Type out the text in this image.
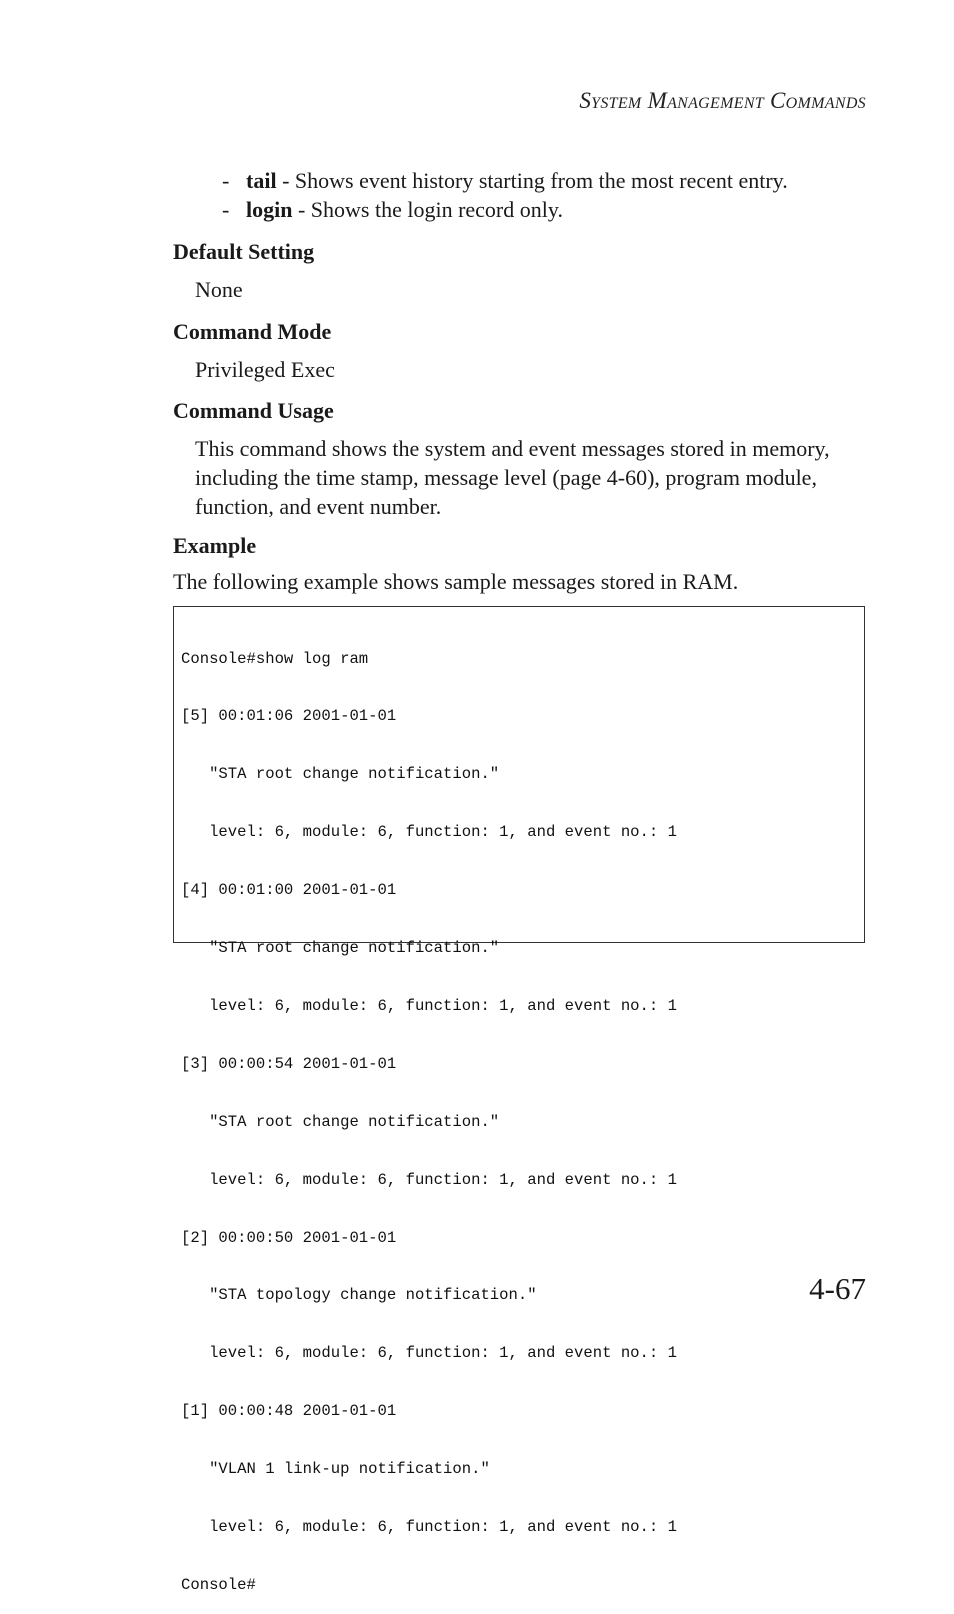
System Management Commands
- tail - Shows event history starting from the most recent entry.
- login - Shows the login record only.
Default Setting
None
Command Mode
Privileged Exec
Command Usage
This command shows the system and event messages stored in memory, including the time stamp, message level (page 4-60), program module, function, and event number.
Example
The following example shows sample messages stored in RAM.

Console#show log ram

[5] 00:01:06 2001-01-01

"STA root change notification."

level: 6, module: 6, function: 1, and event no.: 1

[4] 00:01:00 2001-01-01

"STA root change notification."

level: 6, module: 6, function: 1, and event no.: 1

[3] 00:00:54 2001-01-01

"STA root change notification."

level: 6, module: 6, function: 1, and event no.: 1

[2] 00:00:50 2001-01-01

"STA topology change notification."

level: 6, module: 6, function: 1, and event no.: 1

[1] 00:00:48 2001-01-01

"VLAN 1 link-up notification."

level: 6, module: 6, function: 1, and event no.: 1

Console#

4-67
